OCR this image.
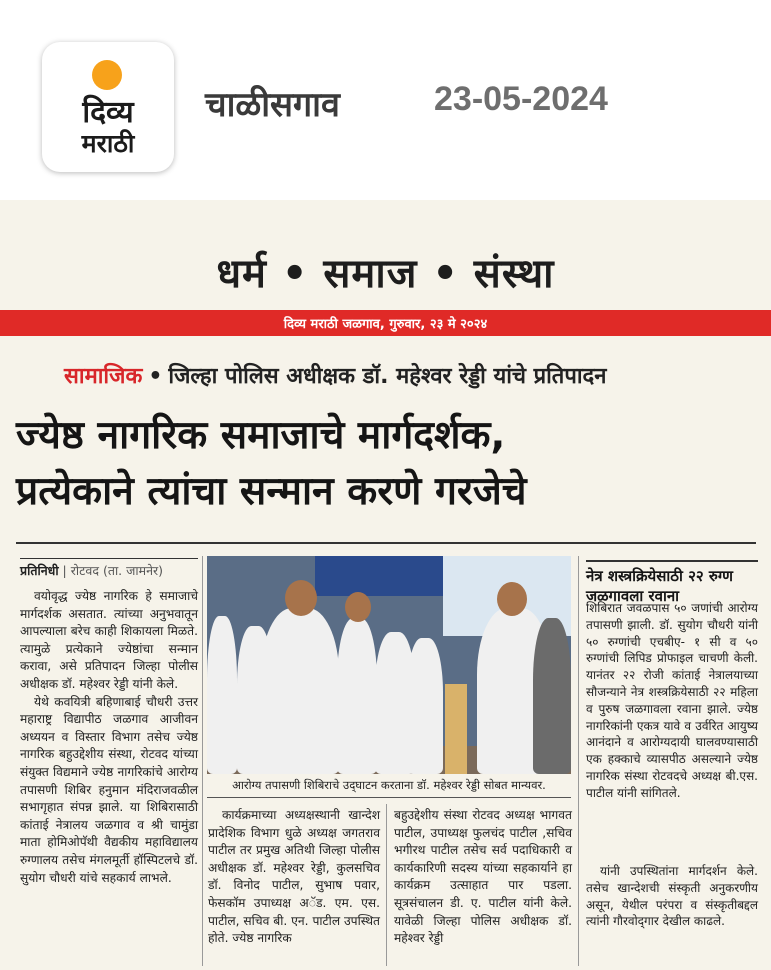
दिव्य
मराठी
चाळीसगाव	23-05-2024
धर्म • समाज • संस्था
दिव्य मराठी जळगाव, गुरुवार, २३ मे २०२४
सामाजिक • जिल्हा पोलिस अधीक्षक डॉ. महेश्वर रेड्डी यांचे प्रतिपादन
ज्येष्ठ नागरिक समाजाचे मार्गदर्शक,
प्रत्येकाने त्यांचा सन्मान करणे गरजेचे
प्रतिनिधी | रोटवद (ता. जामनेर)

वयोवृद्ध ज्येष्ठ नागरिक हे समाजाचे मार्गदर्शक असतात. त्यांच्या अनुभवातून आपल्याला बरेच काही शिकायला मिळते. त्यामुळे प्रत्येकाने ज्येष्ठांचा सन्मान करावा, असे प्रतिपादन जिल्हा पोलीस अधीक्षक डॉ. महेश्वर रेड्डी यांनी केले.

येथे कवयित्री बहिणाबाई चौधरी उत्तर महाराष्ट्र विद्यापीठ जळगाव आजीवन अध्ययन व विस्तार विभाग तसेच ज्येष्ठ नागरिक बहुउद्देशीय संस्था, रोटवद यांच्या संयुक्त विद्यमाने ज्येष्ठ नागरिकांचे आरोग्य तपासणी शिबिर हनुमान मंदिराजवळील सभागृहात संपन्न झाले. या शिबिरासाठी कांताई नेत्रालय जळगाव व श्री चामुंडा माता होमिओपॅथी वैद्यकीय महाविद्यालय रुग्णालय तसेच मंगलमूर्ती हॉस्पिटलचे डॉ. सुयोग चौधरी यांचे सहकार्य लाभले.

आरोग्य तपासणी शिबिराचे उद्‌घाटन करताना डॉ. महेश्वर रेड्डी सोबत मान्यवर.

कार्यक्रमाच्या अध्यक्षस्थानी खान्देश प्रादेशिक विभाग धुळे अध्यक्ष जगतराव पाटील तर प्रमुख अतिथी जिल्हा पोलीस अधीक्षक डॉ. महेश्वर रेड्डी, कुलसचिव डॉ. विनोद पाटील, सुभाष पवार, फेसकॉम उपाध्यक्ष अॅड. एम. एस. पाटील, सचिव बी. एन. पाटील उपस्थित होते. ज्येष्ठ नागरिक

बहुउद्देशीय संस्था रोटवद अध्यक्ष भागवत पाटील, उपाध्यक्ष फुलचंद पाटील ,सचिव भगीरथ पाटील तसेच सर्व पदाधिकारी व कार्यकारिणी सदस्य यांच्या सहकार्याने हा कार्यक्रम उत्साहात पार पडला. सूत्रसंचालन डी. ए. पाटील यांनी केले. यावेळी जिल्हा पोलिस अधीक्षक डॉ. महेश्वर रेड्डी

नेत्र शस्त्रक्रियेसाठी २२ रुग्ण जळगावला रवाना

शिबिरात जवळपास ५० जणांची आरोग्य तपासणी झाली. डॉ. सुयोग चौधरी यांनी ५० रुग्णांची एचबीए- १ सी व ५० रुग्णांची लिपिड प्रोफाइल चाचणी केली. यानंतर २२ रोजी कांताई नेत्रालयाच्या सौजन्याने नेत्र शस्त्रक्रियेसाठी २२ महिला व पुरुष जळगावला रवाना झाले. ज्येष्ठ नागरिकांनी एकत्र यावे व उर्वरित आयुष्य आनंदाने व आरोग्यदायी घालवण्यासाठी एक हक्काचे व्यासपीठ असल्याने ज्येष्ठ नागरिक संस्था रोटवदचे अध्यक्ष बी.एस. पाटील यांनी सांगितले.

यांनी उपस्थितांना मार्गदर्शन केले. तसेच खान्देशची संस्कृती अनुकरणीय असून, येथील परंपरा व संस्कृतीबद्दल त्यांनी गौरवोद्‌गार देखील काढले.
